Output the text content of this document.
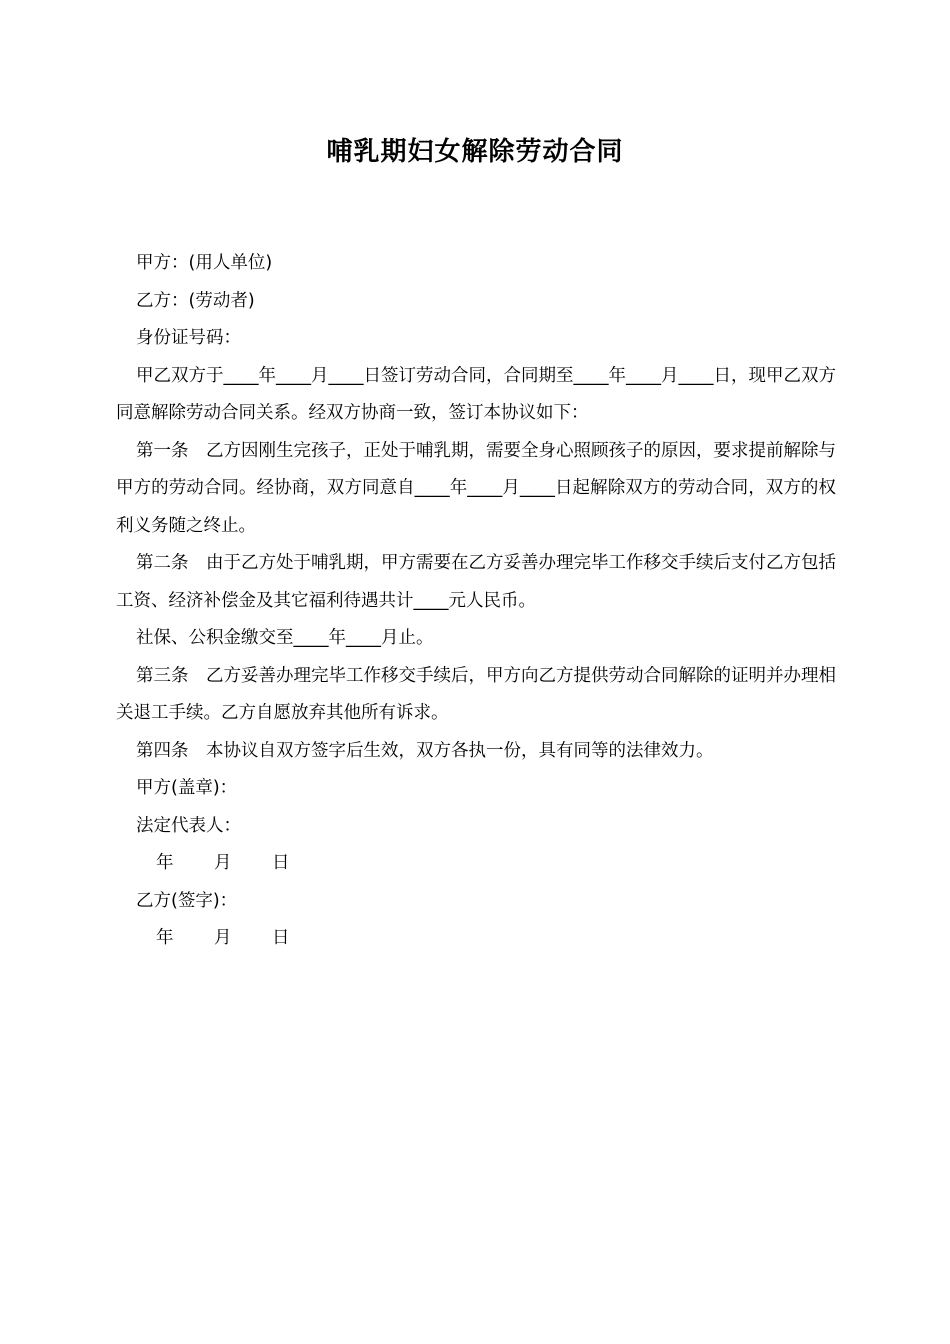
哺乳期妇女解除劳动合同

甲方：(用人单位)

乙方：(劳动者)

身份证号码：

甲乙双方于____年____月____日签订劳动合同，合同期至____年____月____日，现甲乙双方同意解除劳动合同关系。经双方协商一致，签订本协议如下：

第一条　乙方因刚生完孩子，正处于哺乳期，需要全身心照顾孩子的原因，要求提前解除与甲方的劳动合同。经协商，双方同意自____年____月____日起解除双方的劳动合同，双方的权利义务随之终止。

第二条　由于乙方处于哺乳期，甲方需要在乙方妥善办理完毕工作移交手续后支付乙方包括工资、经济补偿金及其它福利待遇共计____元人民币。

社保、公积金缴交至____年____月止。

第三条　乙方妥善办理完毕工作移交手续后，甲方向乙方提供劳动合同解除的证明并办理相关退工手续。乙方自愿放弃其他所有诉求。

第四条　本协议自双方签字后生效，双方各执一份，具有同等的法律效力。

甲方(盖章)：

法定代表人：

年 月 日

乙方(签字)：

年 月 日
